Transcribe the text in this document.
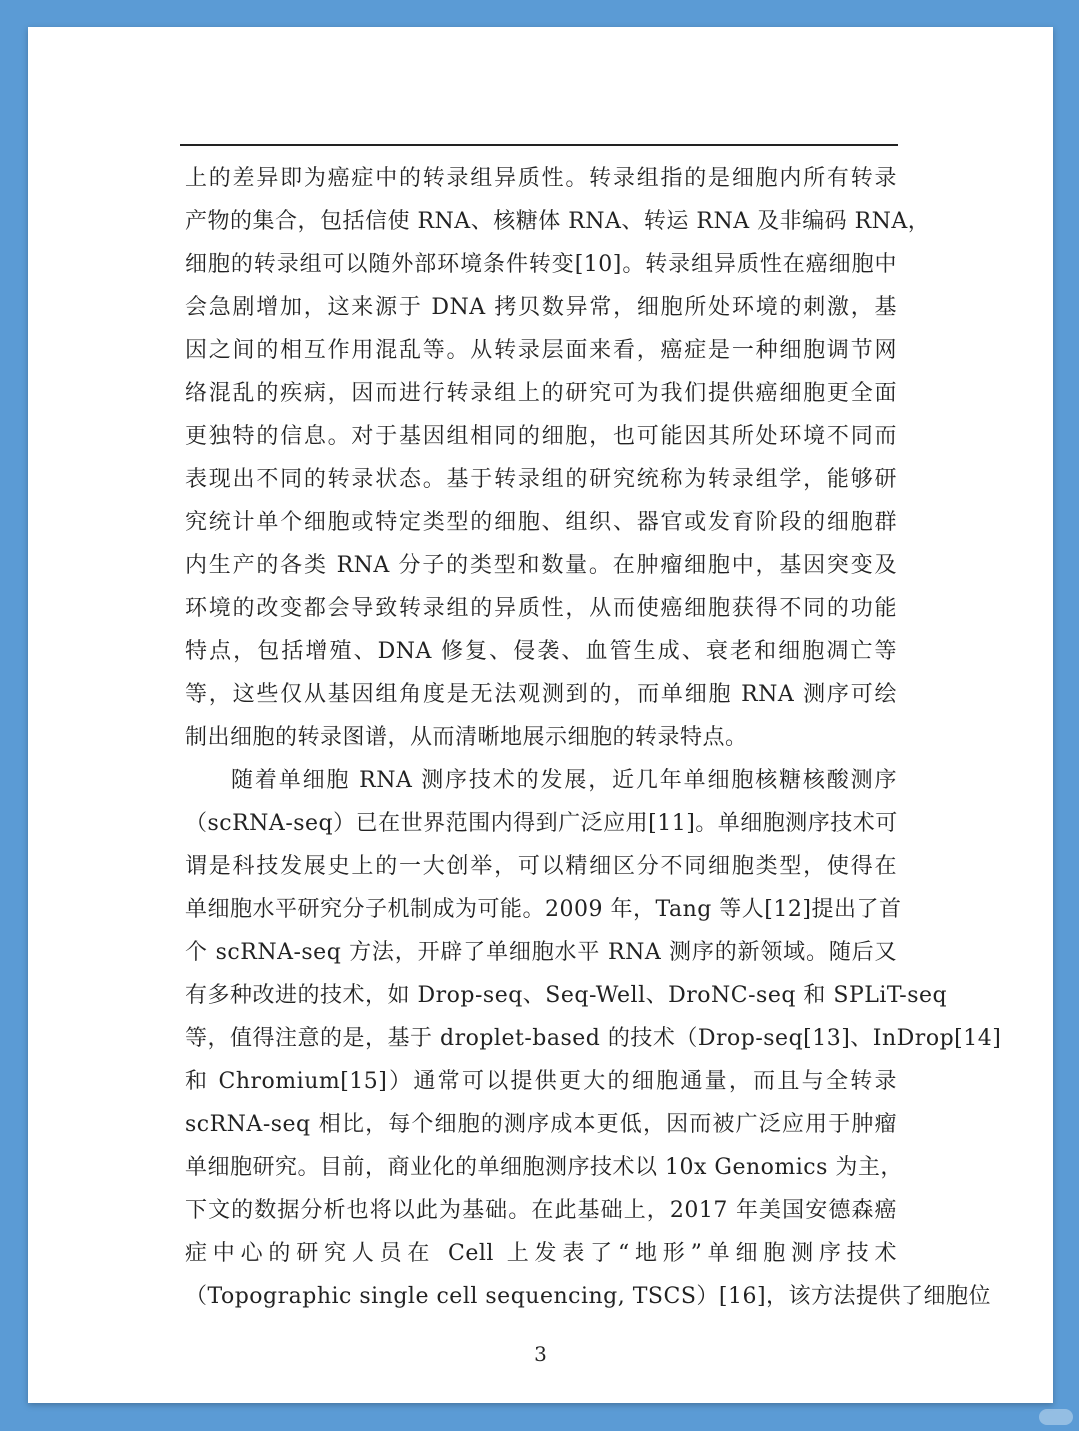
上的差异即为癌症中的转录组异质性。转录组指的是细胞内所有转录
产物的集合，包括信使 RNA、核糖体 RNA、转运 RNA 及非编码 RNA，
细胞的转录组可以随外部环境条件转变[10]。转录组异质性在癌细胞中
会急剧增加，这来源于 DNA 拷贝数异常，细胞所处环境的刺激，基
因之间的相互作用混乱等。从转录层面来看，癌症是一种细胞调节网
络混乱的疾病，因而进行转录组上的研究可为我们提供癌细胞更全面
更独特的信息。对于基因组相同的细胞，也可能因其所处环境不同而
表现出不同的转录状态。基于转录组的研究统称为转录组学，能够研
究统计单个细胞或特定类型的细胞、组织、器官或发育阶段的细胞群
内生产的各类 RNA 分子的类型和数量。在肿瘤细胞中，基因突变及
环境的改变都会导致转录组的异质性，从而使癌细胞获得不同的功能
特点，包括增殖、DNA 修复、侵袭、血管生成、衰老和细胞凋亡等
等，这些仅从基因组角度是无法观测到的，而单细胞 RNA 测序可绘
制出细胞的转录图谱，从而清晰地展示细胞的转录特点。
随着单细胞 RNA 测序技术的发展，近几年单细胞核糖核酸测序
（scRNA-seq）已在世界范围内得到广泛应用[11]。单细胞测序技术可
谓是科技发展史上的一大创举，可以精细区分不同细胞类型，使得在
单细胞水平研究分子机制成为可能。2009 年，Tang 等人[12]提出了首
个 scRNA-seq 方法，开辟了单细胞水平 RNA 测序的新领域。随后又
有多种改进的技术，如 Drop-seq、Seq-Well、DroNC-seq 和 SPLiT-seq
等，值得注意的是，基于 droplet-based 的技术（Drop-seq[13]、InDrop[14]
和 Chromium[15]）通常可以提供更大的细胞通量，而且与全转录
scRNA-seq 相比，每个细胞的测序成本更低，因而被广泛应用于肿瘤
单细胞研究。目前，商业化的单细胞测序技术以 10x Genomics 为主，
下文的数据分析也将以此为基础。在此基础上，2017 年美国安德森癌
症中心的研究人员在 Cell 上发表了“地形”单细胞测序技术
（Topographic single cell sequencing, TSCS）[16]，该方法提供了细胞位
3
